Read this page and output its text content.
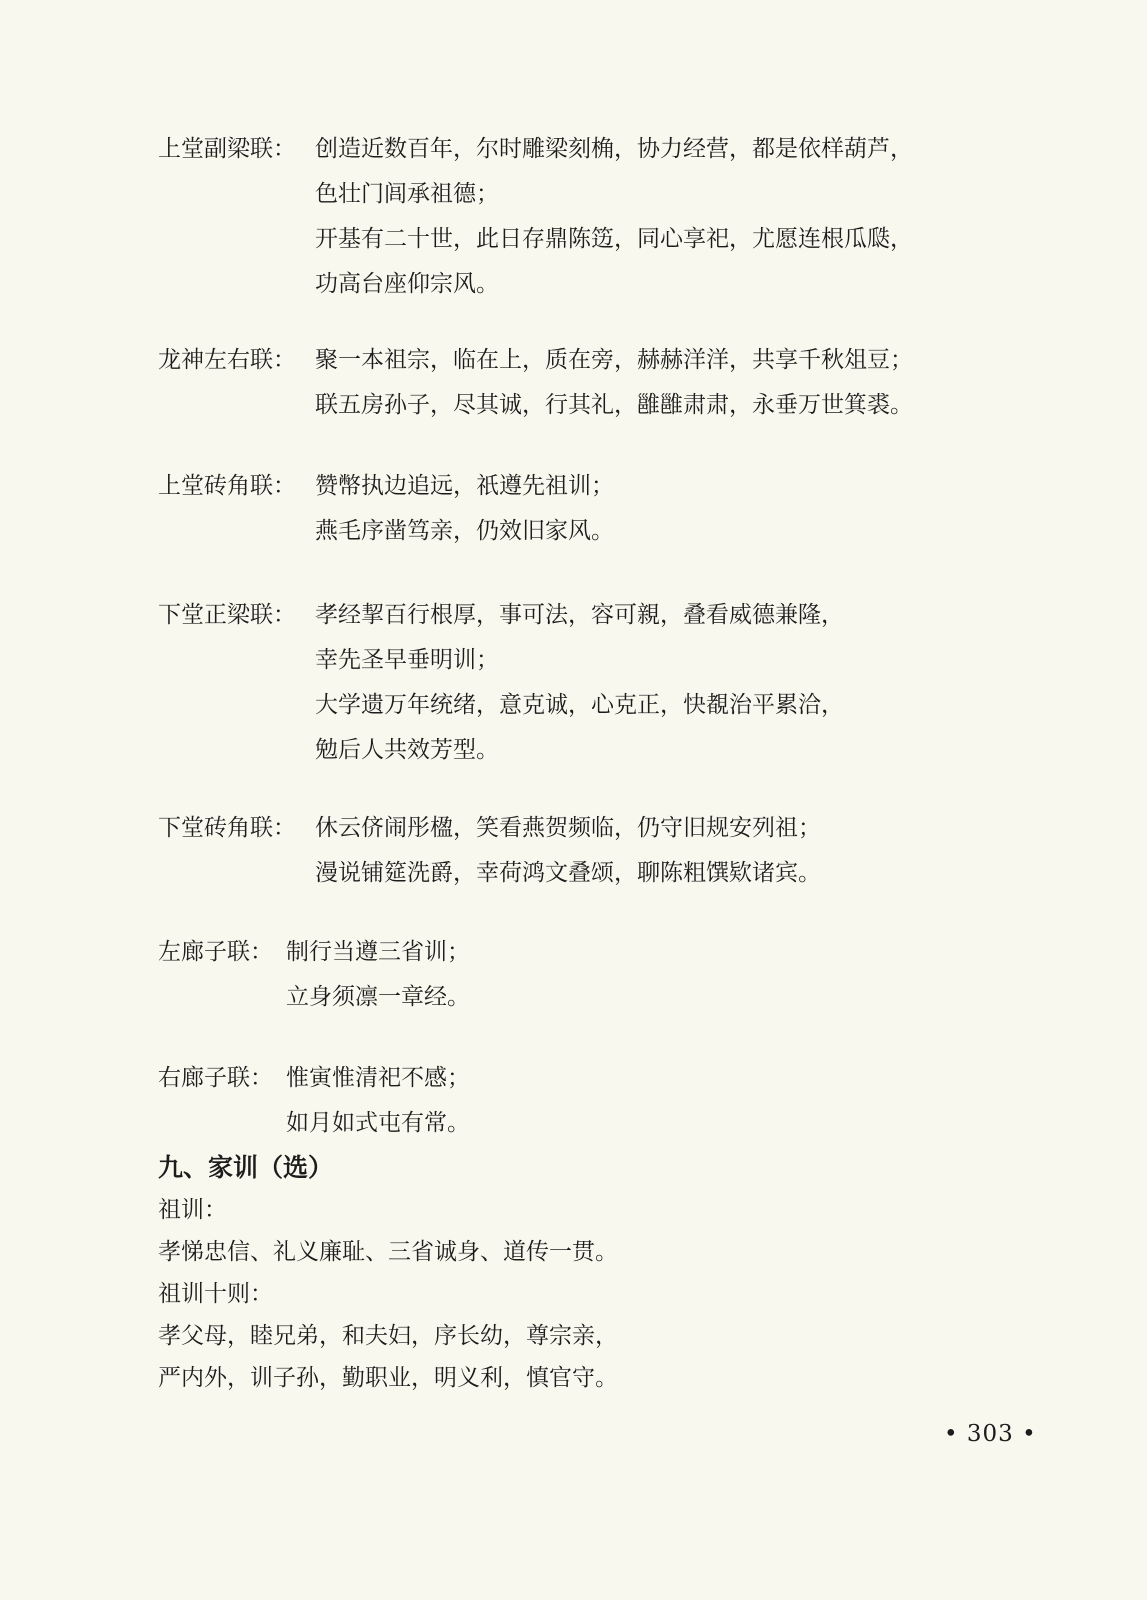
上堂副梁联： 创造近数百年，尔时雕梁刻桷，协力经营，都是依样葫芦，
色壮门闾承祖德；
开基有二十世，此日存鼎陈笾，同心享祀，尤愿连根瓜瓞，
功高台座仰宗风。
龙神左右联： 聚一本祖宗，临在上，质在旁，赫赫洋洋，共享千秋俎豆；
联五房孙子，尽其诚，行其礼，雝雝肃肃，永垂万世箕裘。
上堂砖角联： 赞幣执边追远，祇遵先祖训；
燕毛序凿笃亲，仍效旧家风。
下堂正梁联： 孝经挈百行根厚，事可法，容可親，叠看威德兼隆，
幸先圣早垂明训；
大学遗万年统绪，意克诚，心克正，快覩治平累洽，
勉后人共效芳型。
下堂砖角联： 休云侪闹彤楹，笑看燕贺频临，仍守旧规安列祖；
漫说铺筵洗爵，幸荷鸿文叠颂，聊陈粗馔欵诸宾。
左廊子联： 制行当遵三省训；
立身须凛一章经。
右廊子联： 惟寅惟清祀不感；
如月如式屯有常。
九、家训（选）
祖训：
孝悌忠信、礼义廉耻、三省诚身、道传一贯。
祖训十则：
孝父母，睦兄弟，和夫妇，序长幼，尊宗亲，
严内外，训子孙，勤职业，明义利，慎官守。
• 303 •
